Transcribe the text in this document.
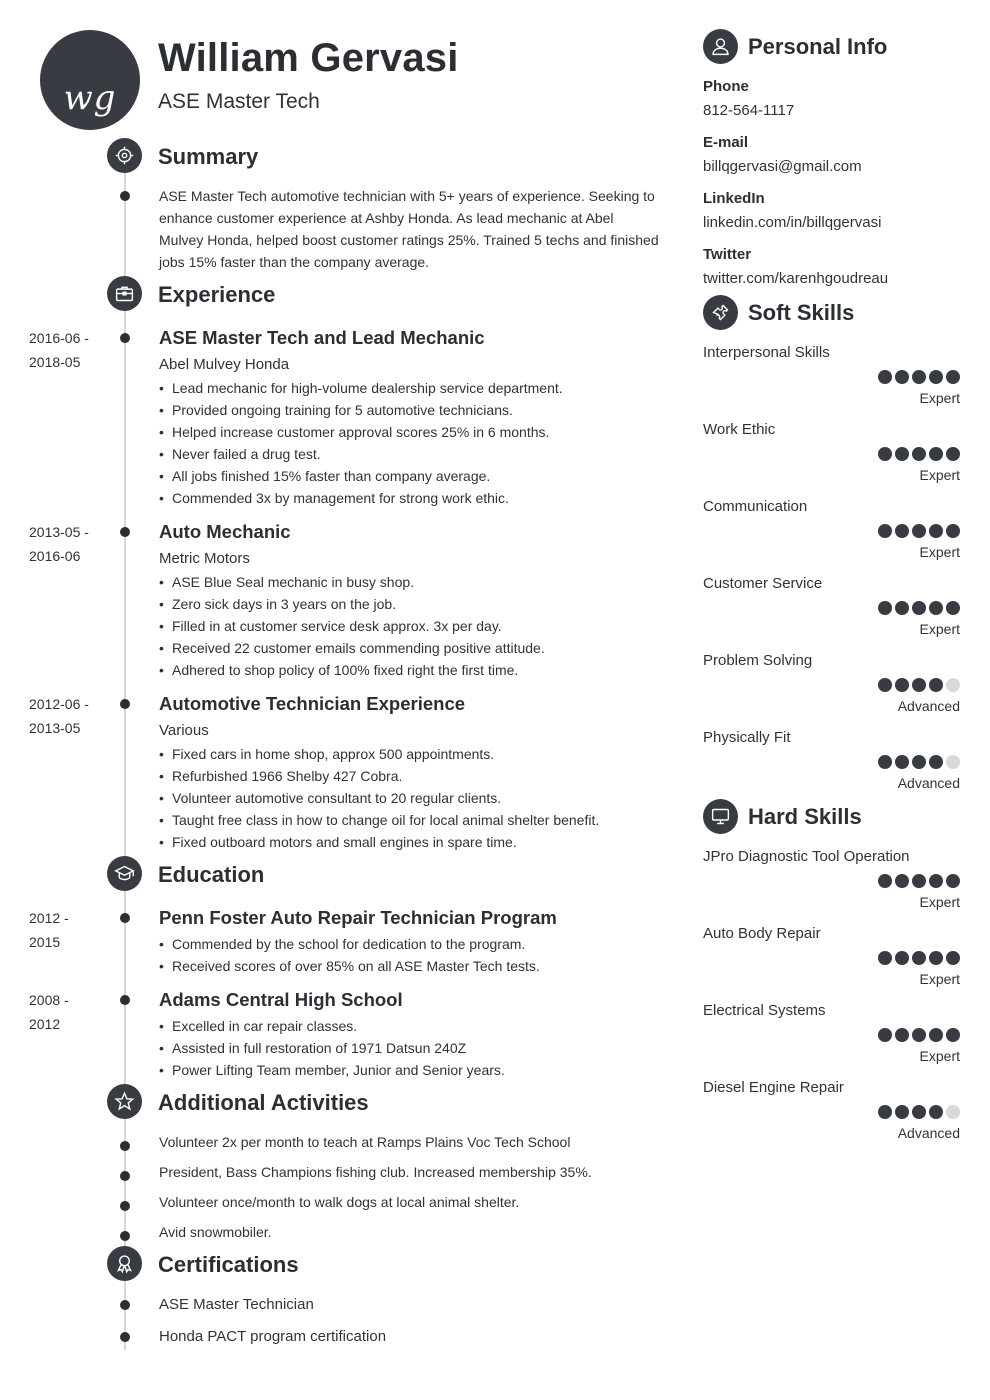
wg
William Gervasi
ASE Master Tech
Summary
ASE Master Tech automotive technician with 5+ years of experience. Seeking to
enhance customer experience at Ashby Honda. As lead mechanic at Abel
Mulvey Honda, helped boost customer ratings 25%. Trained 5 techs and finished
jobs 15% faster than the company average.
Experience
2016-06 -
2018-05
ASE Master Tech and Lead Mechanic
Abel Mulvey Honda
• Lead mechanic for high-volume dealership service department.
• Provided ongoing training for 5 automotive technicians.
• Helped increase customer approval scores 25% in 6 months.
• Never failed a drug test.
• All jobs finished 15% faster than company average.
• Commended 3x by management for strong work ethic.
2013-05 -
2016-06
Auto Mechanic
Metric Motors
• ASE Blue Seal mechanic in busy shop.
• Zero sick days in 3 years on the job.
• Filled in at customer service desk approx. 3x per day.
• Received 22 customer emails commending positive attitude.
• Adhered to shop policy of 100% fixed right the first time.
2012-06 -
2013-05
Automotive Technician Experience
Various
• Fixed cars in home shop, approx 500 appointments.
• Refurbished 1966 Shelby 427 Cobra.
• Volunteer automotive consultant to 20 regular clients.
• Taught free class in how to change oil for local animal shelter benefit.
• Fixed outboard motors and small engines in spare time.
Education
2012 -
2015
Penn Foster Auto Repair Technician Program
• Commended by the school for dedication to the program.
• Received scores of over 85% on all ASE Master Tech tests.
2008 -
2012
Adams Central High School
• Excelled in car repair classes.
• Assisted in full restoration of 1971 Datsun 240Z
• Power Lifting Team member, Junior and Senior years.
Additional Activities
Volunteer 2x per month to teach at Ramps Plains Voc Tech School
President, Bass Champions fishing club. Increased membership 35%.
Volunteer once/month to walk dogs at local animal shelter.
Avid snowmobiler.
Certifications
ASE Master Technician
Honda PACT program certification
Personal Info
Phone
812-564-1117
E-mail
billqgervasi@gmail.com
LinkedIn
linkedin.com/in/billqgervasi
Twitter
twitter.com/karenhgoudreau
Soft Skills
Interpersonal Skills
Expert
Work Ethic
Expert
Communication
Expert
Customer Service
Expert
Problem Solving
Advanced
Physically Fit
Advanced
Hard Skills
JPro Diagnostic Tool Operation
Expert
Auto Body Repair
Expert
Electrical Systems
Expert
Diesel Engine Repair
Advanced
